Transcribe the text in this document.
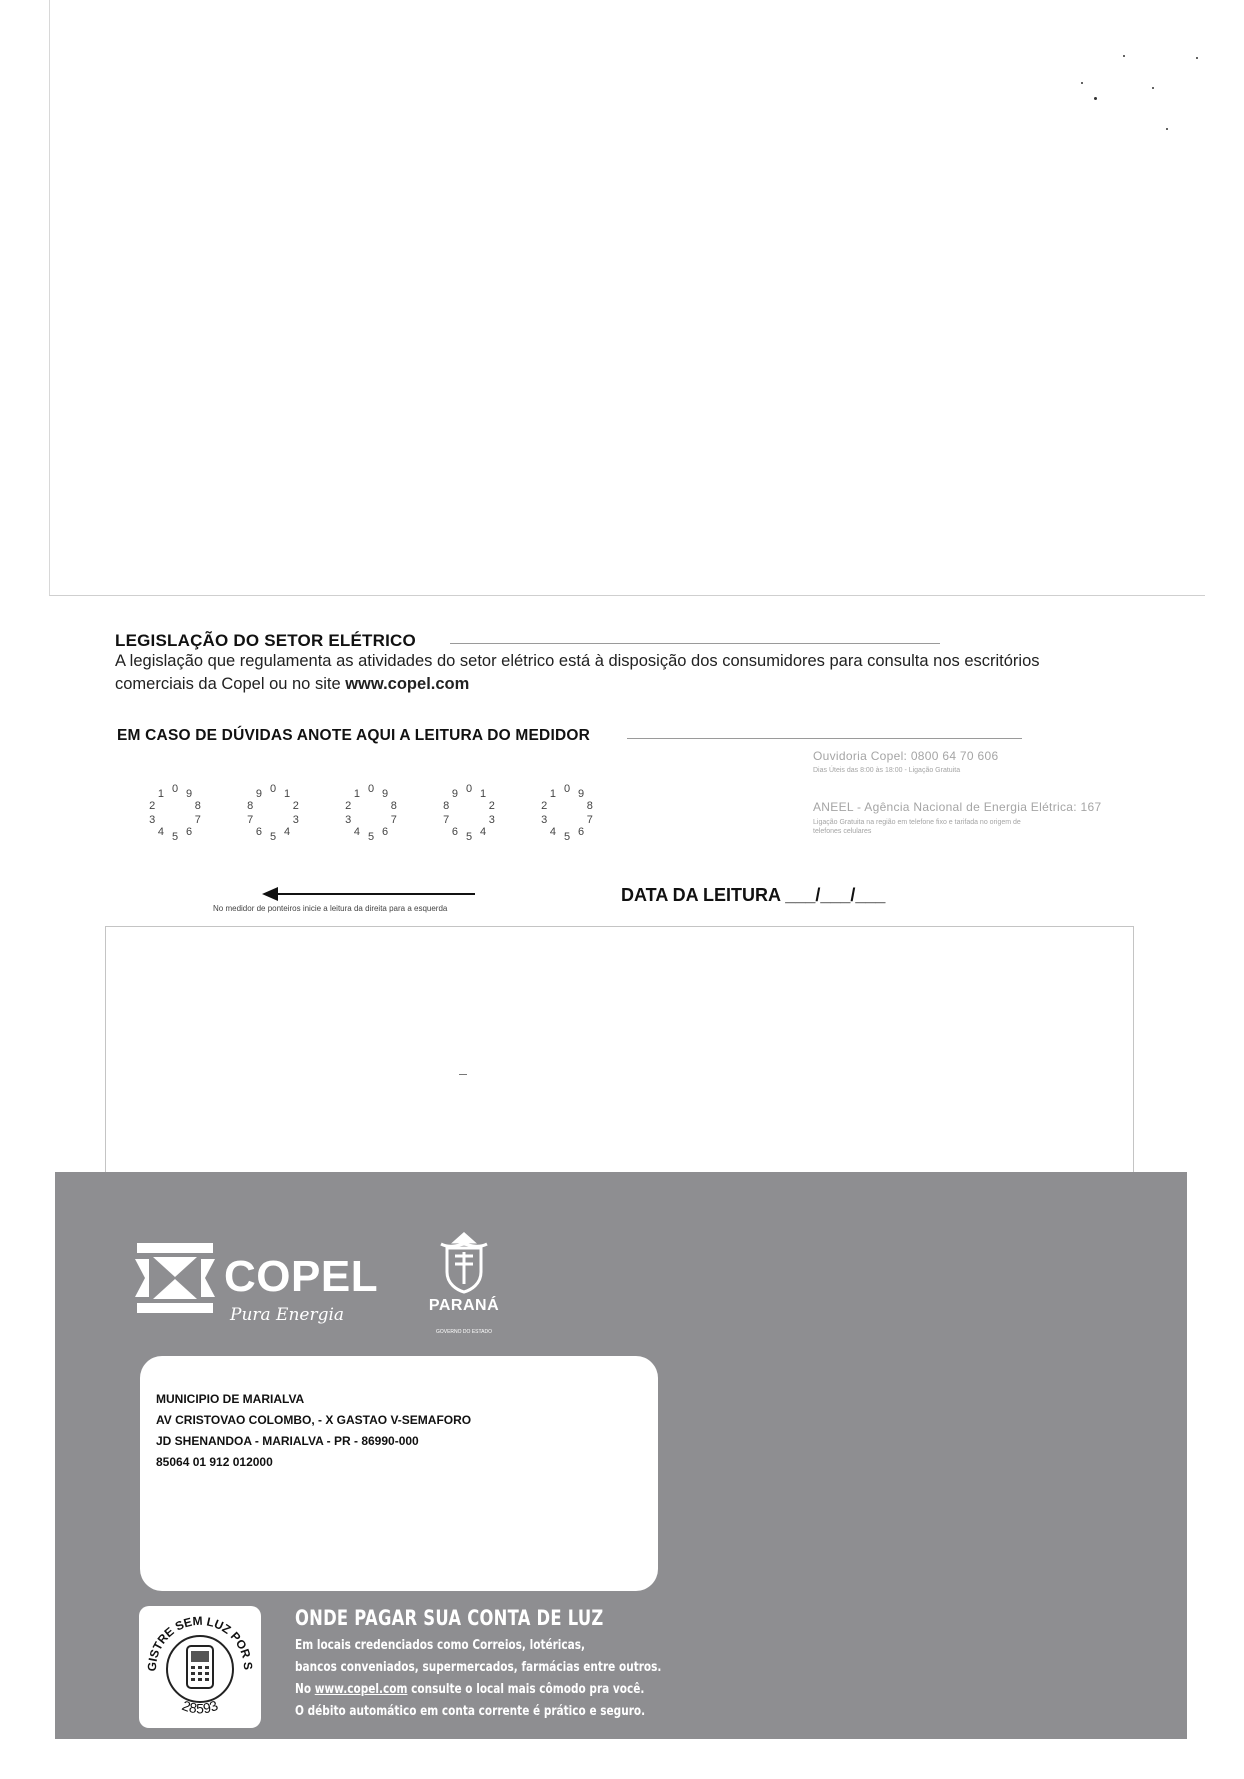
LEGISLAÇÃO DO SETOR ELÉTRICO
A legislação que regulamenta as atividades do setor elétrico está à disposição dos consumidores para consulta nos escritórios comerciais da Copel ou no site www.copel.com
EM CASO DE DÚVIDAS ANOTE AQUI A LEITURA DO MEDIDOR
0
1
2
3
4 5 6
7
8
9	0 1
2
3
4
5
6
7
8
9	0
1
2
3
4 5 6
7
8
9	0 1
2
3
4
5
6
7
8
9	0
1
2
3
4 5 6
7
8
9
Ouvidoria Copel: 0800 64 70 606
Dias Úteis das 8:00 às 18:00 - Ligação Gratuita
ANEEL - Agência Nacional de Energia Elétrica: 167
Ligação Gratuita na região em telefone fixo e tarifada no origem de
telefones celulares
No medidor de ponteiros inicie a leitura da direita para a esquerda
DATA DA LEITURA ___/___/___
COPEL
Pura Energia	PARANÁ
GOVERNO DO ESTADO
MUNICIPIO DE MARIALVA
AV CRISTOVAO COLOMBO, - X GASTAO V-SEMAFORO
JD SHENANDOA - MARIALVA - PR - 86990-000
85064 01 912 012000
GISTRE SEM LUZ POR S
28593
ONDE PAGAR SUA CONTA DE LUZ
Em locais credenciados como Correios, lotéricas,
bancos conveniados, supermercados, farmácias entre outros.
No www.copel.com consulte o local mais cômodo pra você.
O débito automático em conta corrente é prático e seguro.
